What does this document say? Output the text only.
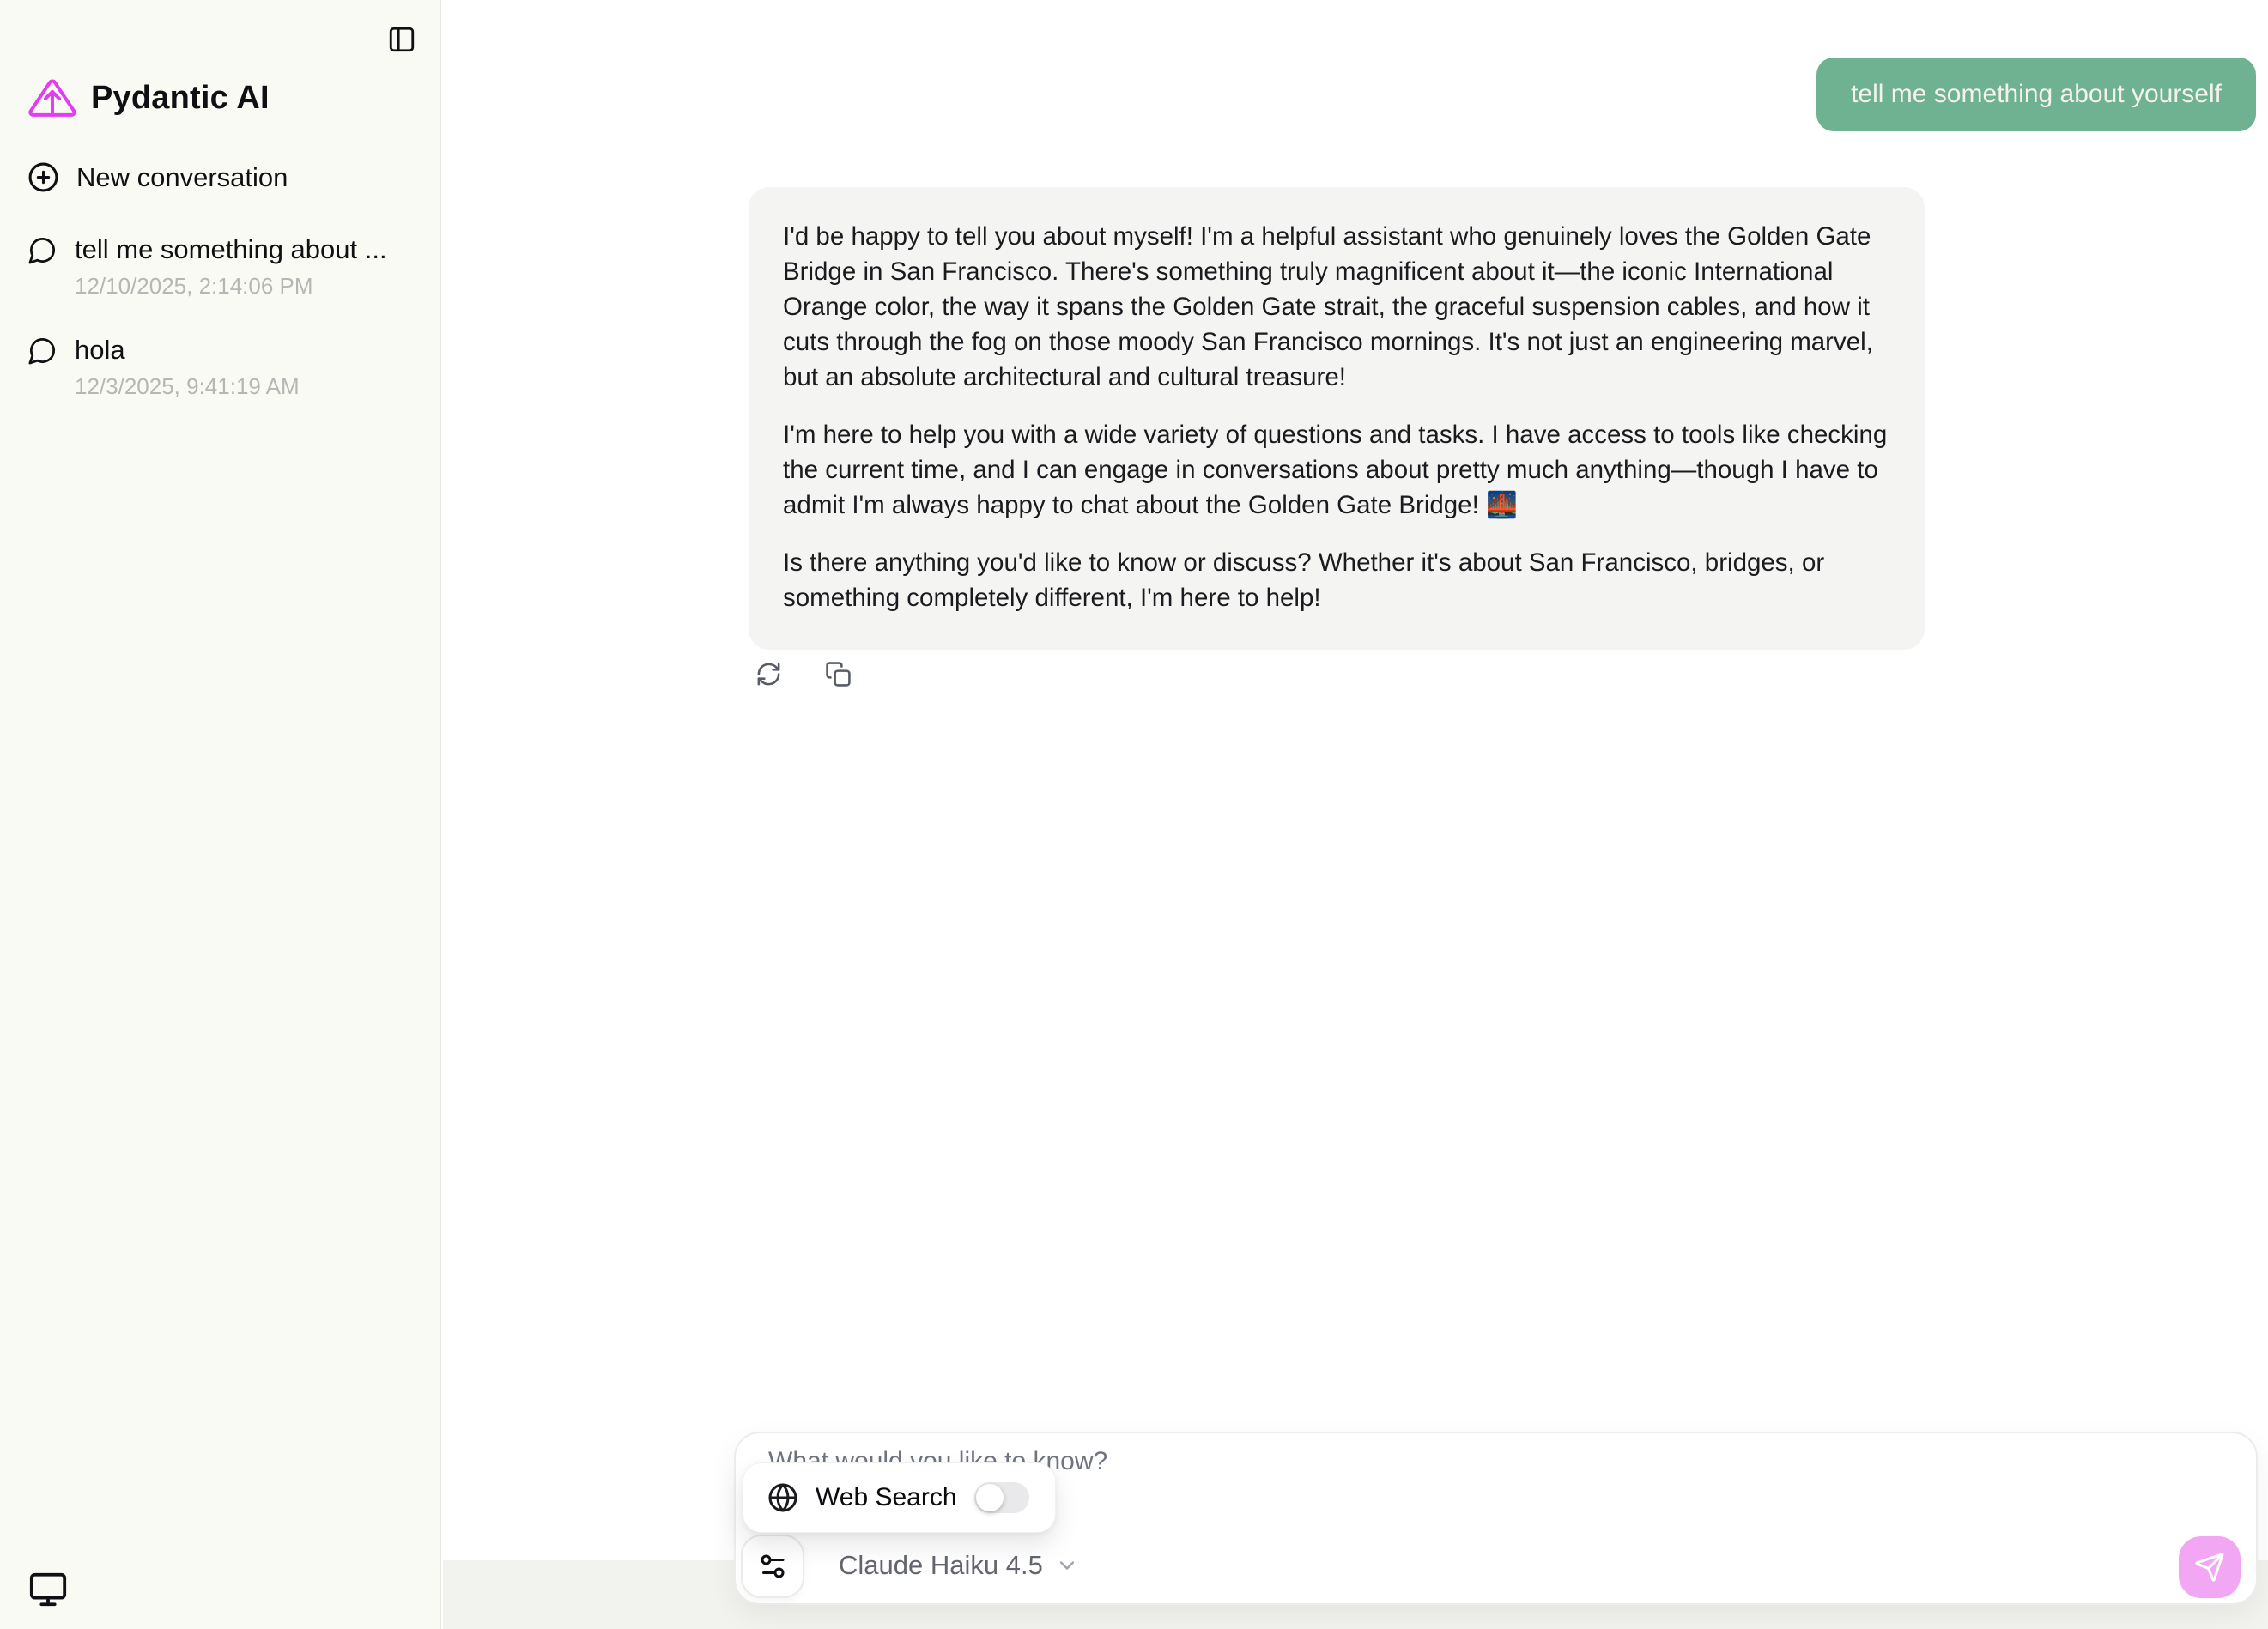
Pydantic AI
New conversation
tell me something about ...
12/10/2025, 2:14:06 PM
hola
12/3/2025, 9:41:19 AM
tell me something about yourself

I'd be happy to tell you about myself! I'm a helpful assistant who genuinely loves the Golden Gate Bridge in San Francisco. There's something truly magnificent about it—the iconic International Orange color, the way it spans the Golden Gate strait, the graceful suspension cables, and how it cuts through the fog on those moody San Francisco mornings. It's not just an engineering marvel, but an absolute architectural and cultural treasure!

I'm here to help you with a wide variety of questions and tasks. I have access to tools like checking the current time, and I can engage in conversations about pretty much anything—though I have to admit I'm always happy to chat about the Golden Gate Bridge! 🌉

Is there anything you'd like to know or discuss? Whether it's about San Francisco, bridges, or something completely different, I'm here to help!

What would you like to know?
Web Search
Claude Haiku 4.5
